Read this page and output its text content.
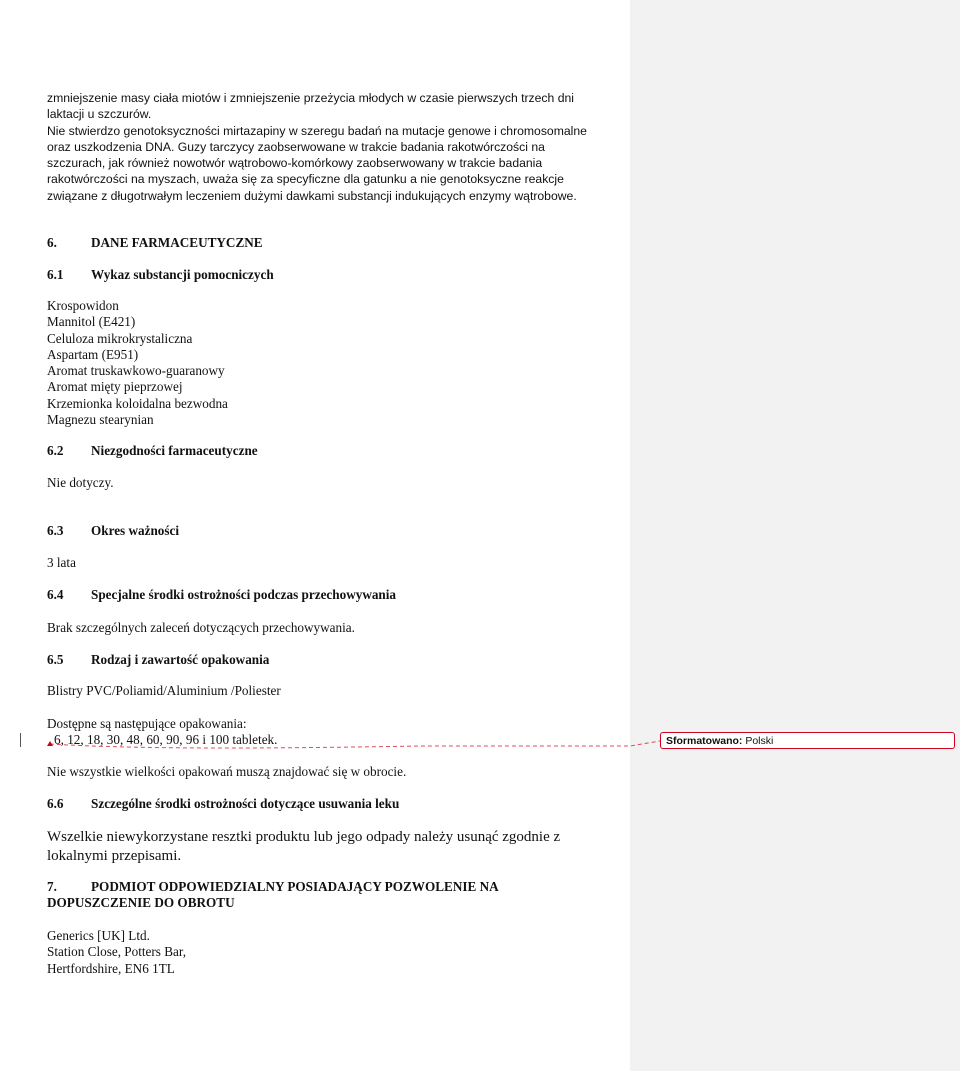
zmniejszenie masy ciała miotów i zmniejszenie przeżycia młodych w czasie pierwszych trzech dni
laktacji u szczurów.
Nie stwierdzo genotoksyczności mirtazapiny w szeregu badań na mutacje genowe i chromosomalne
oraz uszkodzenia DNA. Guzy tarczycy zaobserwowane w trakcie badania rakotwórczości na
szczurach, jak również nowotwór wątrobowo-komórkowy zaobserwowany w trakcie badania
rakotwórczości na myszach, uważa się za specyficzne dla gatunku a nie genotoksyczne reakcje
związane z długotrwałym leczeniem dużymi dawkami substancji indukujących enzymy wątrobowe.
6.	DANE FARMACEUTYCZNE
6.1 Wykaz substancji pomocniczych
Krospowidon
Mannitol (E421)
Celuloza mikrokrystaliczna
Aspartam (E951)
Aromat truskawkowo-guaranowy
Aromat mięty pieprzowej
Krzemionka koloidalna bezwodna
Magnezu stearynian
6.2 Niezgodności farmaceutyczne
Nie dotyczy.
6.3 Okres ważności
3 lata
6.4 Specjalne środki ostrożności podczas przechowywania
Brak szczególnych zaleceń dotyczących przechowywania.
6.5 Rodzaj i zawartość opakowania
Blistry PVC/Poliamid/Aluminium /Poliester
Dostępne są następujące opakowania:
6, 12, 18, 30, 48, 60, 90, 96 i 100 tabletek.
Nie wszystkie wielkości opakowań muszą znajdować się w obrocie.
6.6 Szczególne środki ostrożności dotyczące usuwania leku
Wszelkie niewykorzystane resztki produktu lub jego odpady należy usunąć zgodnie z
lokalnymi przepisami.
7.	PODMIOT ODPOWIEDZIALNY POSIADAJĄCY POZWOLENIE NA
DOPUSZCZENIE DO OBROTU
Generics [UK] Ltd.
Station Close, Potters Bar,
Hertfordshire, EN6 1TL
Sformatowano: Polski
